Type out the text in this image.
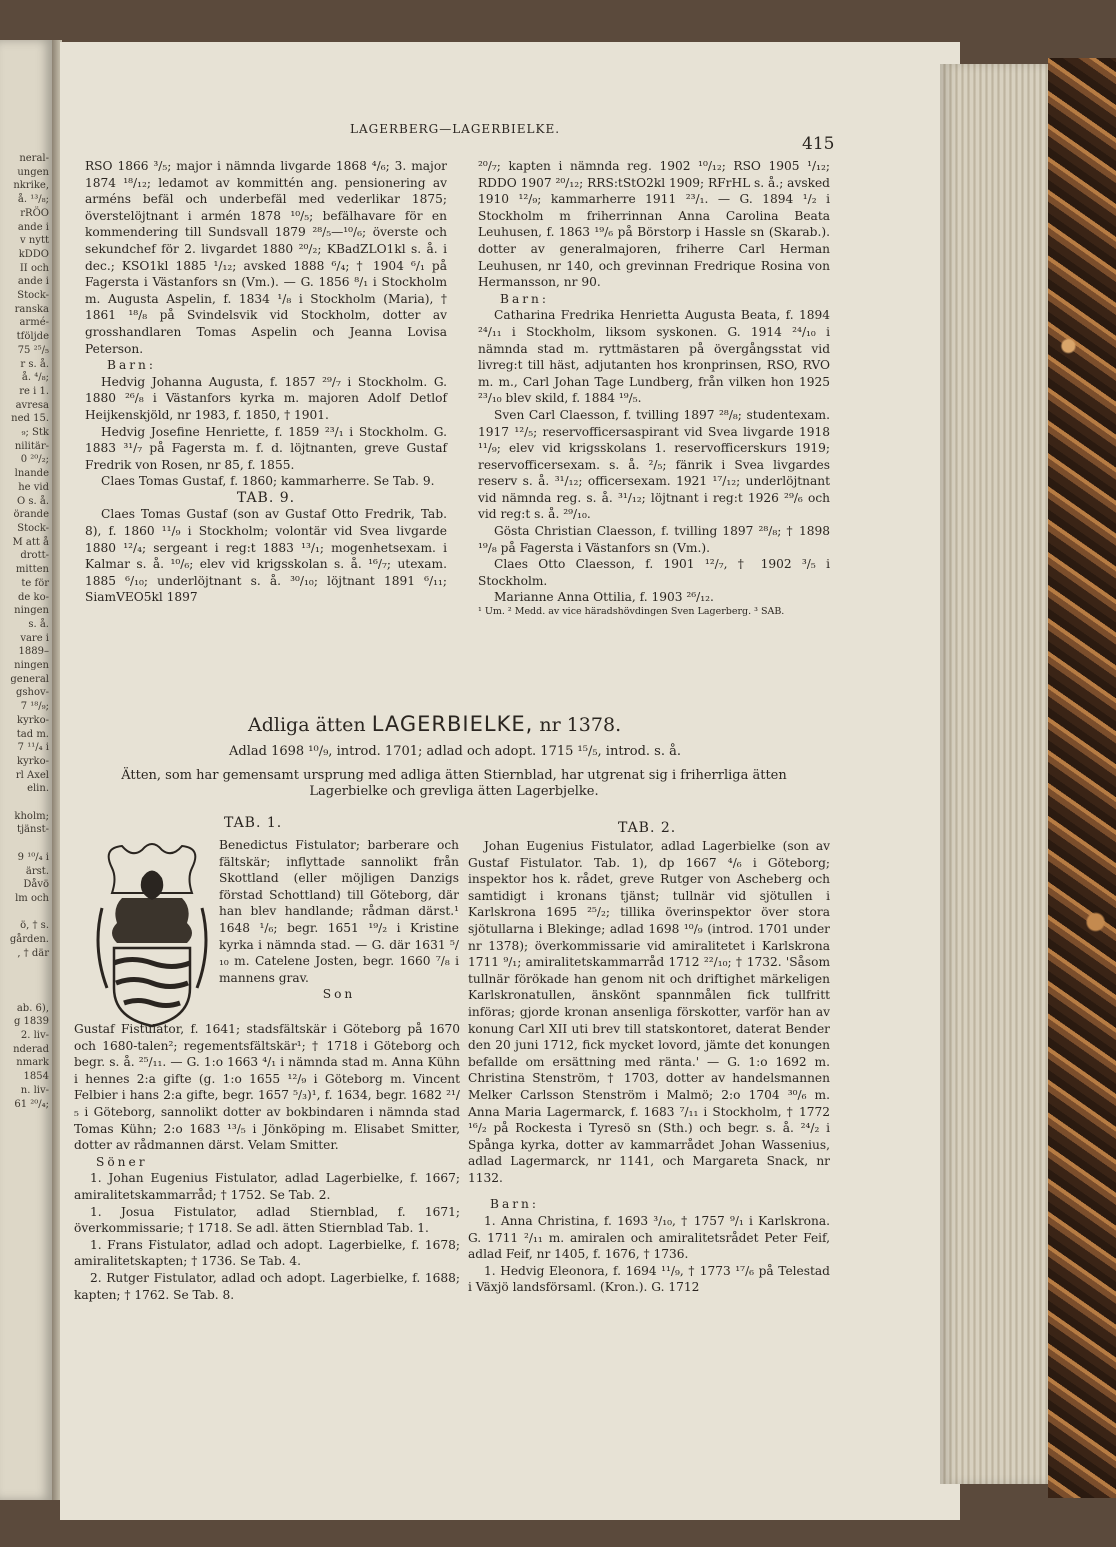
neral-
ungen
nkrike,
å. ¹³/₈;
rRÖO
ande i
v nytt
kDDO
II och
ande i
Stock-
ranska
armé-
tföljde
75 ²⁵/₅
r s. å.
å. ⁴/₈;
re i 1.
avresa
ned 15.
₉; Stk
nilitär-
0 ²⁰/₂;
lnande
he vid
O s. å.
örande
Stock-
M att å
drott-
mitten
te för
de ko-
ningen
s. å.
vare i
1889–
ningen
general
gshov-
7 ¹⁸/₉;
kyrko-
tad m.
7 ¹¹/₄ i
kyrko-
rl Axel
elin.

kholm;
tjänst-

9 ¹⁰/₄ i
ärst.
Dåvö
lm och

ö, † s.
gården.
, † där

ab. 6),
g 1839
2. liv-
nderad
nmark
1854
n. liv-
61 ²⁰/₄;
LAGERBERG—LAGERBIELKE.
415

RSO 1866 ³/₅; major i nämnda livgarde 1868 ⁴/₆; 3. major 1874 ¹⁸/₁₂; ledamot av kommittén ang. pensionering av arméns befäl och underbefäl med vederlikar 1875; överstelöjtnant i armén 1878 ¹⁰/₅; befälhavare för en kommendering till Sundsvall 1879 ²⁸/₅—¹⁰/₆; överste och sekundchef för 2. livgardet 1880 ²⁰/₂; KBadZLO1kl s. å. i dec.; KSO1kl 1885 ¹/₁₂; avsked 1888 ⁶/₄; † 1904 ⁶/₁ på Fagersta i Västanfors sn (Vm.). — G. 1856 ⁸/₁ i Stockholm m. Augusta Aspelin, f. 1834 ¹/₈ i Stockholm (Maria), † 1861 ¹⁸/₈ på Svindelsvik vid Stockholm, dotter av grosshandlaren Tomas Aspelin och Jeanna Lovisa Peterson.

Barn:

Hedvig Johanna Augusta, f. 1857 ²⁹/₇ i Stockholm. G. 1880 ²⁶/₈ i Västanfors kyrka m. majoren Adolf Detlof Heijkenskjöld, nr 1983, f. 1850, † 1901.

Hedvig Josefine Henriette, f. 1859 ²³/₁ i Stockholm. G. 1883 ³¹/₇ på Fagersta m. f. d. löjtnanten, greve Gustaf Fredrik von Rosen, nr 85, f. 1855.

Claes Tomas Gustaf, f. 1860; kammarherre. Se Tab. 9.

TAB. 9.

Claes Tomas Gustaf (son av Gustaf Otto Fredrik, Tab. 8), f. 1860 ¹¹/₉ i Stockholm; volontär vid Svea livgarde 1880 ¹²/₄; sergeant i reg:t 1883 ¹³/₁; mogenhetsexam. i Kalmar s. å. ¹⁰/₆; elev vid krigsskolan s. å. ¹⁶/₇; utexam. 1885 ⁶/₁₀; underlöjtnant s. å. ³⁰/₁₀; löjtnant 1891 ⁶/₁₁; SiamVEO5kl 1897

²⁰/₇; kapten i nämnda reg. 1902 ¹⁰/₁₂; RSO 1905 ¹/₁₂; RDDO 1907 ²⁰/₁₂; RRS:tStO2kl 1909; RFrHL s. å.; avsked 1910 ¹²/₉; kammarherre 1911 ²³/₁. — G. 1894 ¹/₂ i Stockholm m friherrinnan Anna Carolina Beata Leuhusen, f. 1863 ¹⁹/₆ på Börstorp i Hassle sn (Skarab.). dotter av generalmajoren, friherre Carl Herman Leuhusen, nr 140, och grevinnan Fredrique Rosina von Hermansson, nr 90.

Barn:

Catharina Fredrika Henrietta Augusta Beata, f. 1894 ²⁴/₁₁ i Stockholm, liksom syskonen. G. 1914 ²⁴/₁₀ i nämnda stad m. ryttmästaren på övergångsstat vid livreg:t till häst, adjutanten hos kronprinsen, RSO, RVO m. m., Carl Johan Tage Lundberg, från vilken hon 1925 ²³/₁₀ blev skild, f. 1884 ¹⁹/₅.

Sven Carl Claesson, f. tvilling 1897 ²⁸/₈; studentexam. 1917 ¹²/₅; reservofficersaspirant vid Svea livgarde 1918 ¹¹/₉; elev vid krigsskolans 1. reservofficerskurs 1919; reservofficersexam. s. å. ²/₅; fänrik i Svea livgardes reserv s. å. ³¹/₁₂; officersexam. 1921 ¹⁷/₁₂; underlöjtnant vid nämnda reg. s. å. ³¹/₁₂; löjtnant i reg:t 1926 ²⁹/₆ och vid reg:t s. å. ²⁹/₁₀.

Gösta Christian Claesson, f. tvilling 1897 ²⁸/₈; † 1898 ¹⁹/₈ på Fagersta i Västanfors sn (Vm.).

Claes Otto Claesson, f. 1901 ¹²/₇, † 1902 ³/₅ i Stockholm.

Marianne Anna Ottilia, f. 1903 ²⁶/₁₂.

¹ Um. ² Medd. av vice häradshövdingen Sven Lagerberg. ³ SAB.

Adliga ätten LAGERBIELKE, nr 1378.
Adlad 1698 ¹⁰/₉, introd. 1701; adlad och adopt. 1715 ¹⁵/₅, introd. s. å.
Ätten, som har gemensamt ursprung med adliga ätten Stiernblad, har utgrenat sig i friherrliga ätten Lagerbielke och grevliga ätten Lagerbjelke.
TAB. 1.	TAB. 2.

Benedictus Fistulator; barberare och fältskär; inflyttade sannolikt från Skottland (eller möjligen Danzigs förstad Schottland) till Göteborg, där han blev handlande; rådman därst.¹ 1648 ¹/₆; begr. 1651 ¹⁹/₂ i Kristine kyrka i nämnda stad. — G. där 1631 ⁵/₁₀ m. Catelene Josten, begr. 1660 ⁷/₈ i mannens grav.

Son

Gustaf Fistulator, f. 1641; stadsfältskär i Göteborg på 1670 och 1680-talen²; regementsfältskär¹; † 1718 i Göteborg och begr. s. å. ²⁵/₁₁. — G. 1:o 1663 ⁴/₁ i nämnda stad m. Anna Kühn i hennes 2:a gifte (g. 1:o 1655 ¹²/₉ i Göteborg m. Vincent Felbier i hans 2:a gifte, begr. 1657 ⁵/₃)¹, f. 1634, begr. 1682 ²¹/₅ i Göteborg, sannolikt dotter av bokbindaren i nämnda stad Tomas Kühn; 2:o 1683 ¹³/₅ i Jönköping m. Elisabet Smitter, dotter av rådmannen därst. Velam Smitter.

Söner

1. Johan Eugenius Fistulator, adlad Lagerbielke, f. 1667; amiralitetskammarråd; † 1752. Se Tab. 2.

1. Josua Fistulator, adlad Stiernblad, f. 1671; överkommissarie; † 1718. Se adl. ätten Stiernblad Tab. 1.

1. Frans Fistulator, adlad och adopt. Lagerbielke, f. 1678; amiralitetskapten; † 1736. Se Tab. 4.

2. Rutger Fistulator, adlad och adopt. Lagerbielke, f. 1688; kapten; † 1762. Se Tab. 8.

Johan Eugenius Fistulator, adlad Lagerbielke (son av Gustaf Fistulator. Tab. 1), dp 1667 ⁴/₆ i Göteborg; inspektor hos k. rådet, greve Rutger von Ascheberg och samtidigt i kronans tjänst; tullnär vid sjötullen i Karlskrona 1695 ²⁵/₂; tillika överinspektor över stora sjötullarna i Blekinge; adlad 1698 ¹⁰/₉ (introd. 1701 under nr 1378); överkommissarie vid amiralitetet i Karlskrona 1711 ⁹/₁; amiralitetskammarråd 1712 ²²/₁₀; † 1732. 'Såsom tullnär förökade han genom nit och driftighet märkeligen Karlskronatullen, änskönt spannmålen fick tullfritt införas; gjorde kronan ansenliga förskotter, varför han av konung Carl XII uti brev till statskontoret, daterat Bender den 20 juni 1712, fick mycket lovord, jämte det konungen befallde om ersättning med ränta.' — G. 1:o 1692 m. Christina Stenström, † 1703, dotter av handelsmannen Melker Carlsson Stenström i Malmö; 2:o 1704 ³⁰/₆ m. Anna Maria Lagermarck, f. 1683 ⁷/₁₁ i Stockholm, † 1772 ¹⁶/₂ på Rockesta i Tyresö sn (Sth.) och begr. s. å. ²⁴/₂ i Spånga kyrka, dotter av kammarrådet Johan Wassenius, adlad Lagermarck, nr 1141, och Margareta Snack, nr 1132.

Barn:

1. Anna Christina, f. 1693 ³/₁₀, † 1757 ⁹/₁ i Karlskrona. G. 1711 ²/₁₁ m. amiralen och amiralitetsrådet Peter Feif, adlad Feif, nr 1405, f. 1676, † 1736.

1. Hedvig Eleonora, f. 1694 ¹¹/₉, † 1773 ¹⁷/₆ på Telestad i Växjö landsförsaml. (Kron.). G. 1712
